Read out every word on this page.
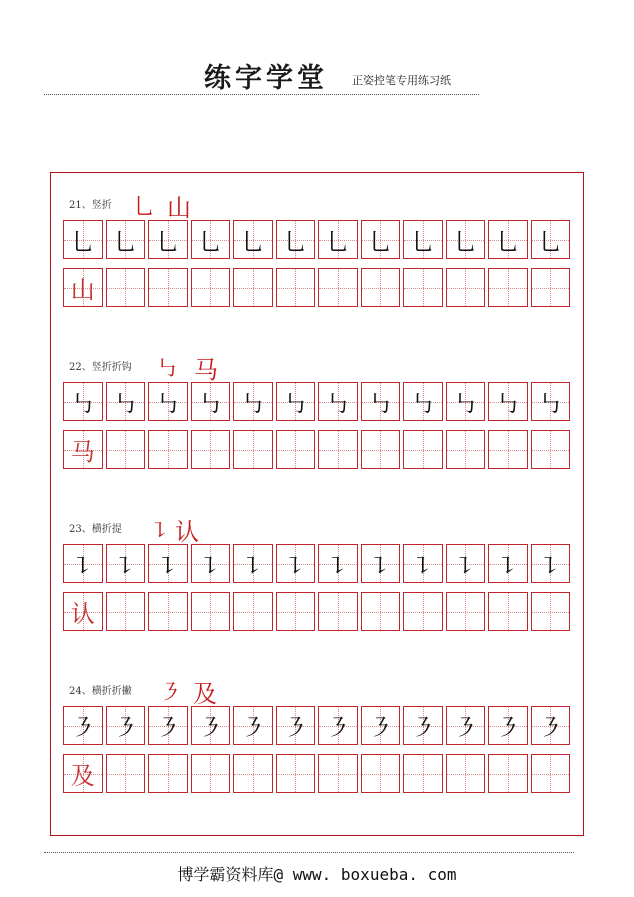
练字学堂 正姿控笔专用练习纸
21、竖折 乚 山
乚 乚 乚 乚 乚 乚 乚 乚 乚 乚 乚 乚
山
22、竖折折钩 ㇉ 马
㇉ ㇉ ㇉ ㇉ ㇉ ㇉ ㇉ ㇉ ㇉ ㇉ ㇉ ㇉
马
23、横折提 ㇊ 认
㇊ ㇊ ㇊ ㇊ ㇊ ㇊ ㇊ ㇊ ㇊ ㇊ ㇊ ㇊
认
24、横折折撇 ㇋ 及
㇋ ㇋ ㇋ ㇋ ㇋ ㇋ ㇋ ㇋ ㇋ ㇋ ㇋ ㇋
及
博学霸资料库@ www. boxueba. com
